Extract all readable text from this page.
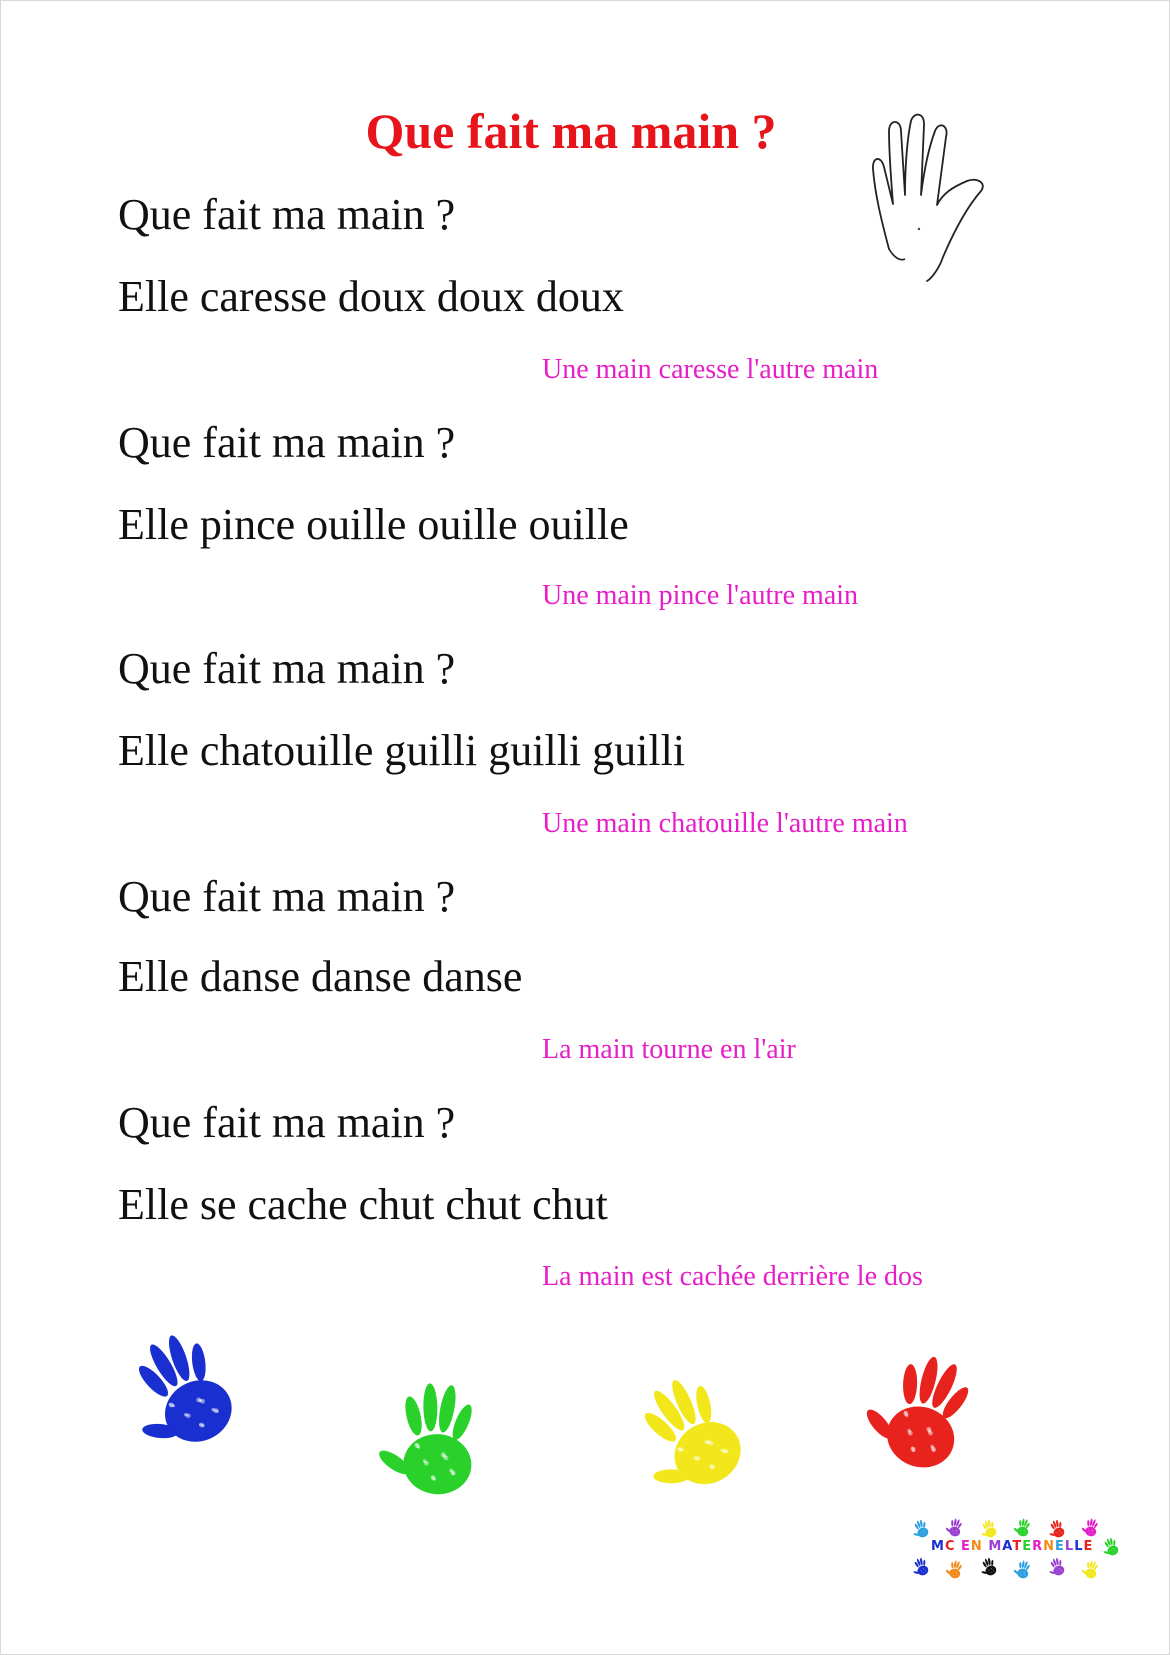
Que fait ma main ?

Que fait ma main ?

Elle caresse doux doux doux

Une main caresse l'autre main

Que fait ma main ?

Elle pince ouille ouille ouille

Une main pince l'autre main

Que fait ma main ?

Elle chatouille guilli guilli guilli

Une main chatouille l'autre main

Que fait ma main ?

Elle danse danse danse

La main tourne en l'air

Que fait ma main ?

Elle se cache chut chut chut

La main est cachée derrière le dos

MC EN MATERNELLE
